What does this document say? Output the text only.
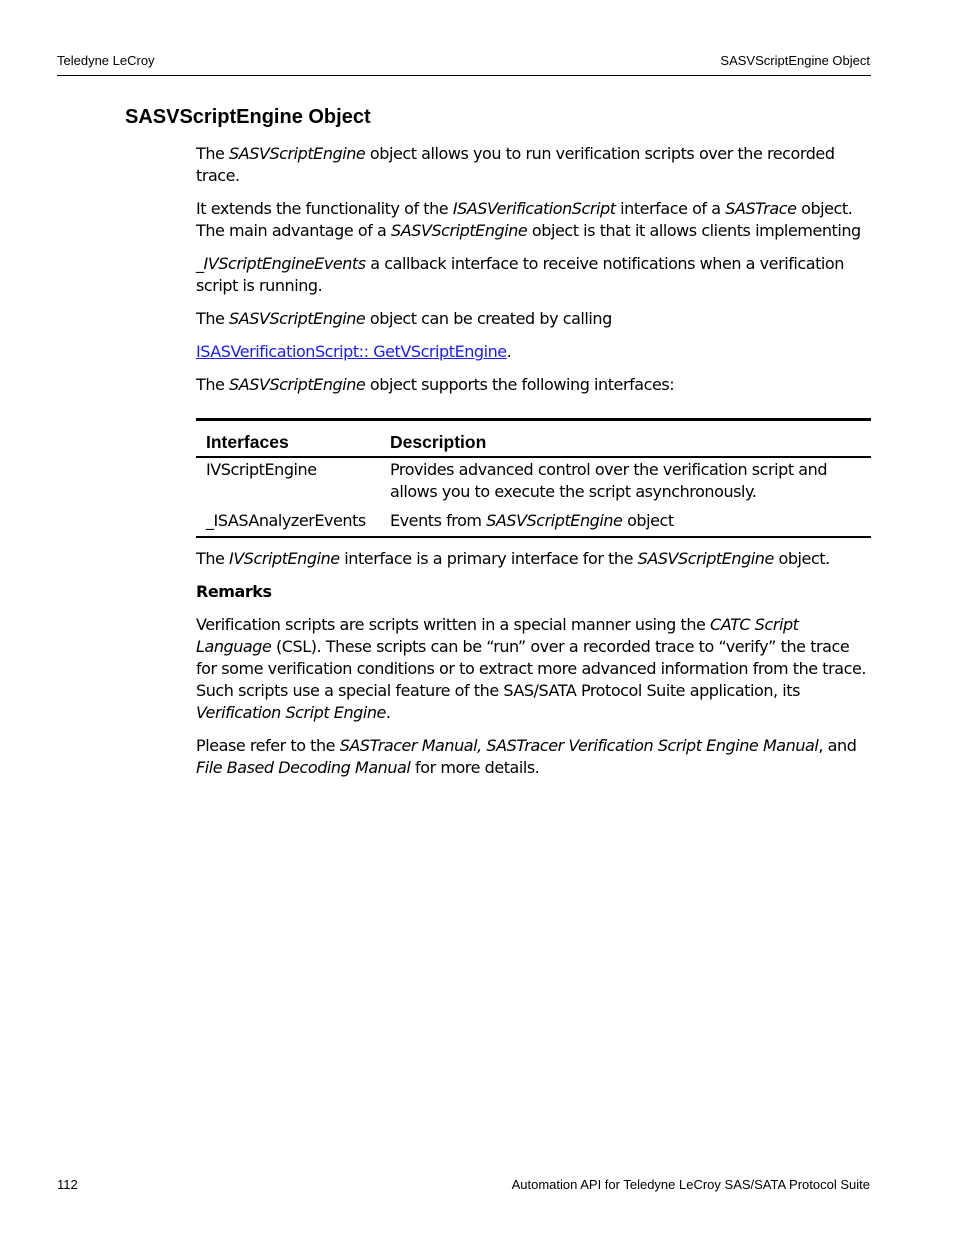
Teledyne LeCroy	SASVScriptEngine Object
SASVScriptEngine Object

The SASVScriptEngine object allows you to run verification scripts over the recorded trace.

It extends the functionality of the ISASVerificationScript interface of a SASTrace object. The main advantage of a SASVScriptEngine object is that it allows clients implementing

_IVScriptEngineEvents a callback interface to receive notifications when a verification script is running.

The SASVScriptEngine object can be created by calling

ISASVerificationScript:: GetVScriptEngine.

The SASVScriptEngine object supports the following interfaces:

Interfaces	Description
IVScriptEngine	Provides advanced control over the verification script and allows you to execute the script asynchronously.
_ISASAnalyzerEvents	Events from SASVScriptEngine object

The IVScriptEngine interface is a primary interface for the SASVScriptEngine object.

Remarks

Verification scripts are scripts written in a special manner using the CATC Script Language (CSL). These scripts can be “run” over a recorded trace to “verify” the trace for some verification conditions or to extract more advanced information from the trace. Such scripts use a special feature of the SAS/SATA Protocol Suite application, its Verification Script Engine.

Please refer to the SASTracer Manual, SASTracer Verification Script Engine Manual, and File Based Decoding Manual for more details.

112	Automation API for Teledyne LeCroy SAS/SATA Protocol Suite
